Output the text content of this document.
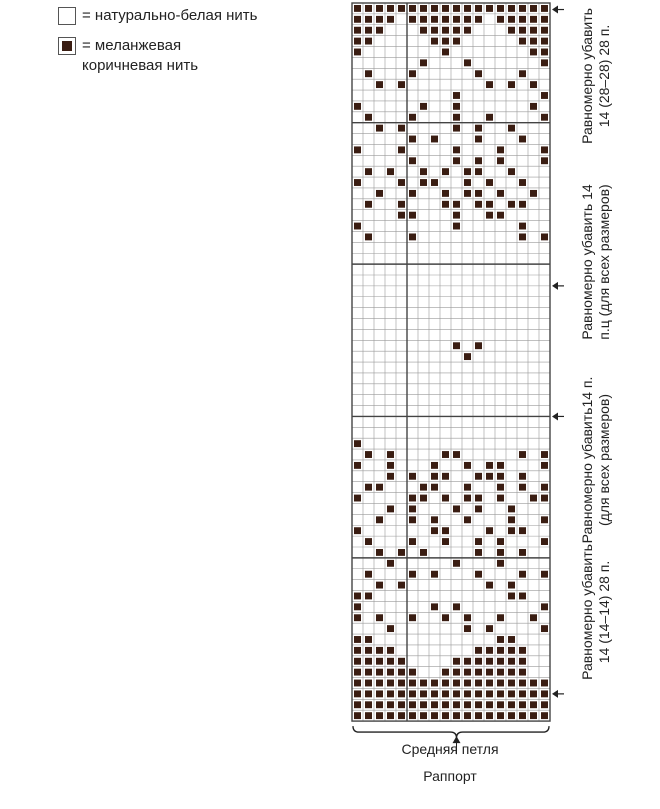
= натурально-белая нить
= меланжевая коричневая нить
Равномерно убавить 14 (14–14) 28 п.
Равномерно убавить14 п. (для всех размеров)
Равномерно убавить 14 п.ц (для всех размеров)
Равномерно убавить 14 (28–28) 28 п.
Средняя петля
Раппорт
